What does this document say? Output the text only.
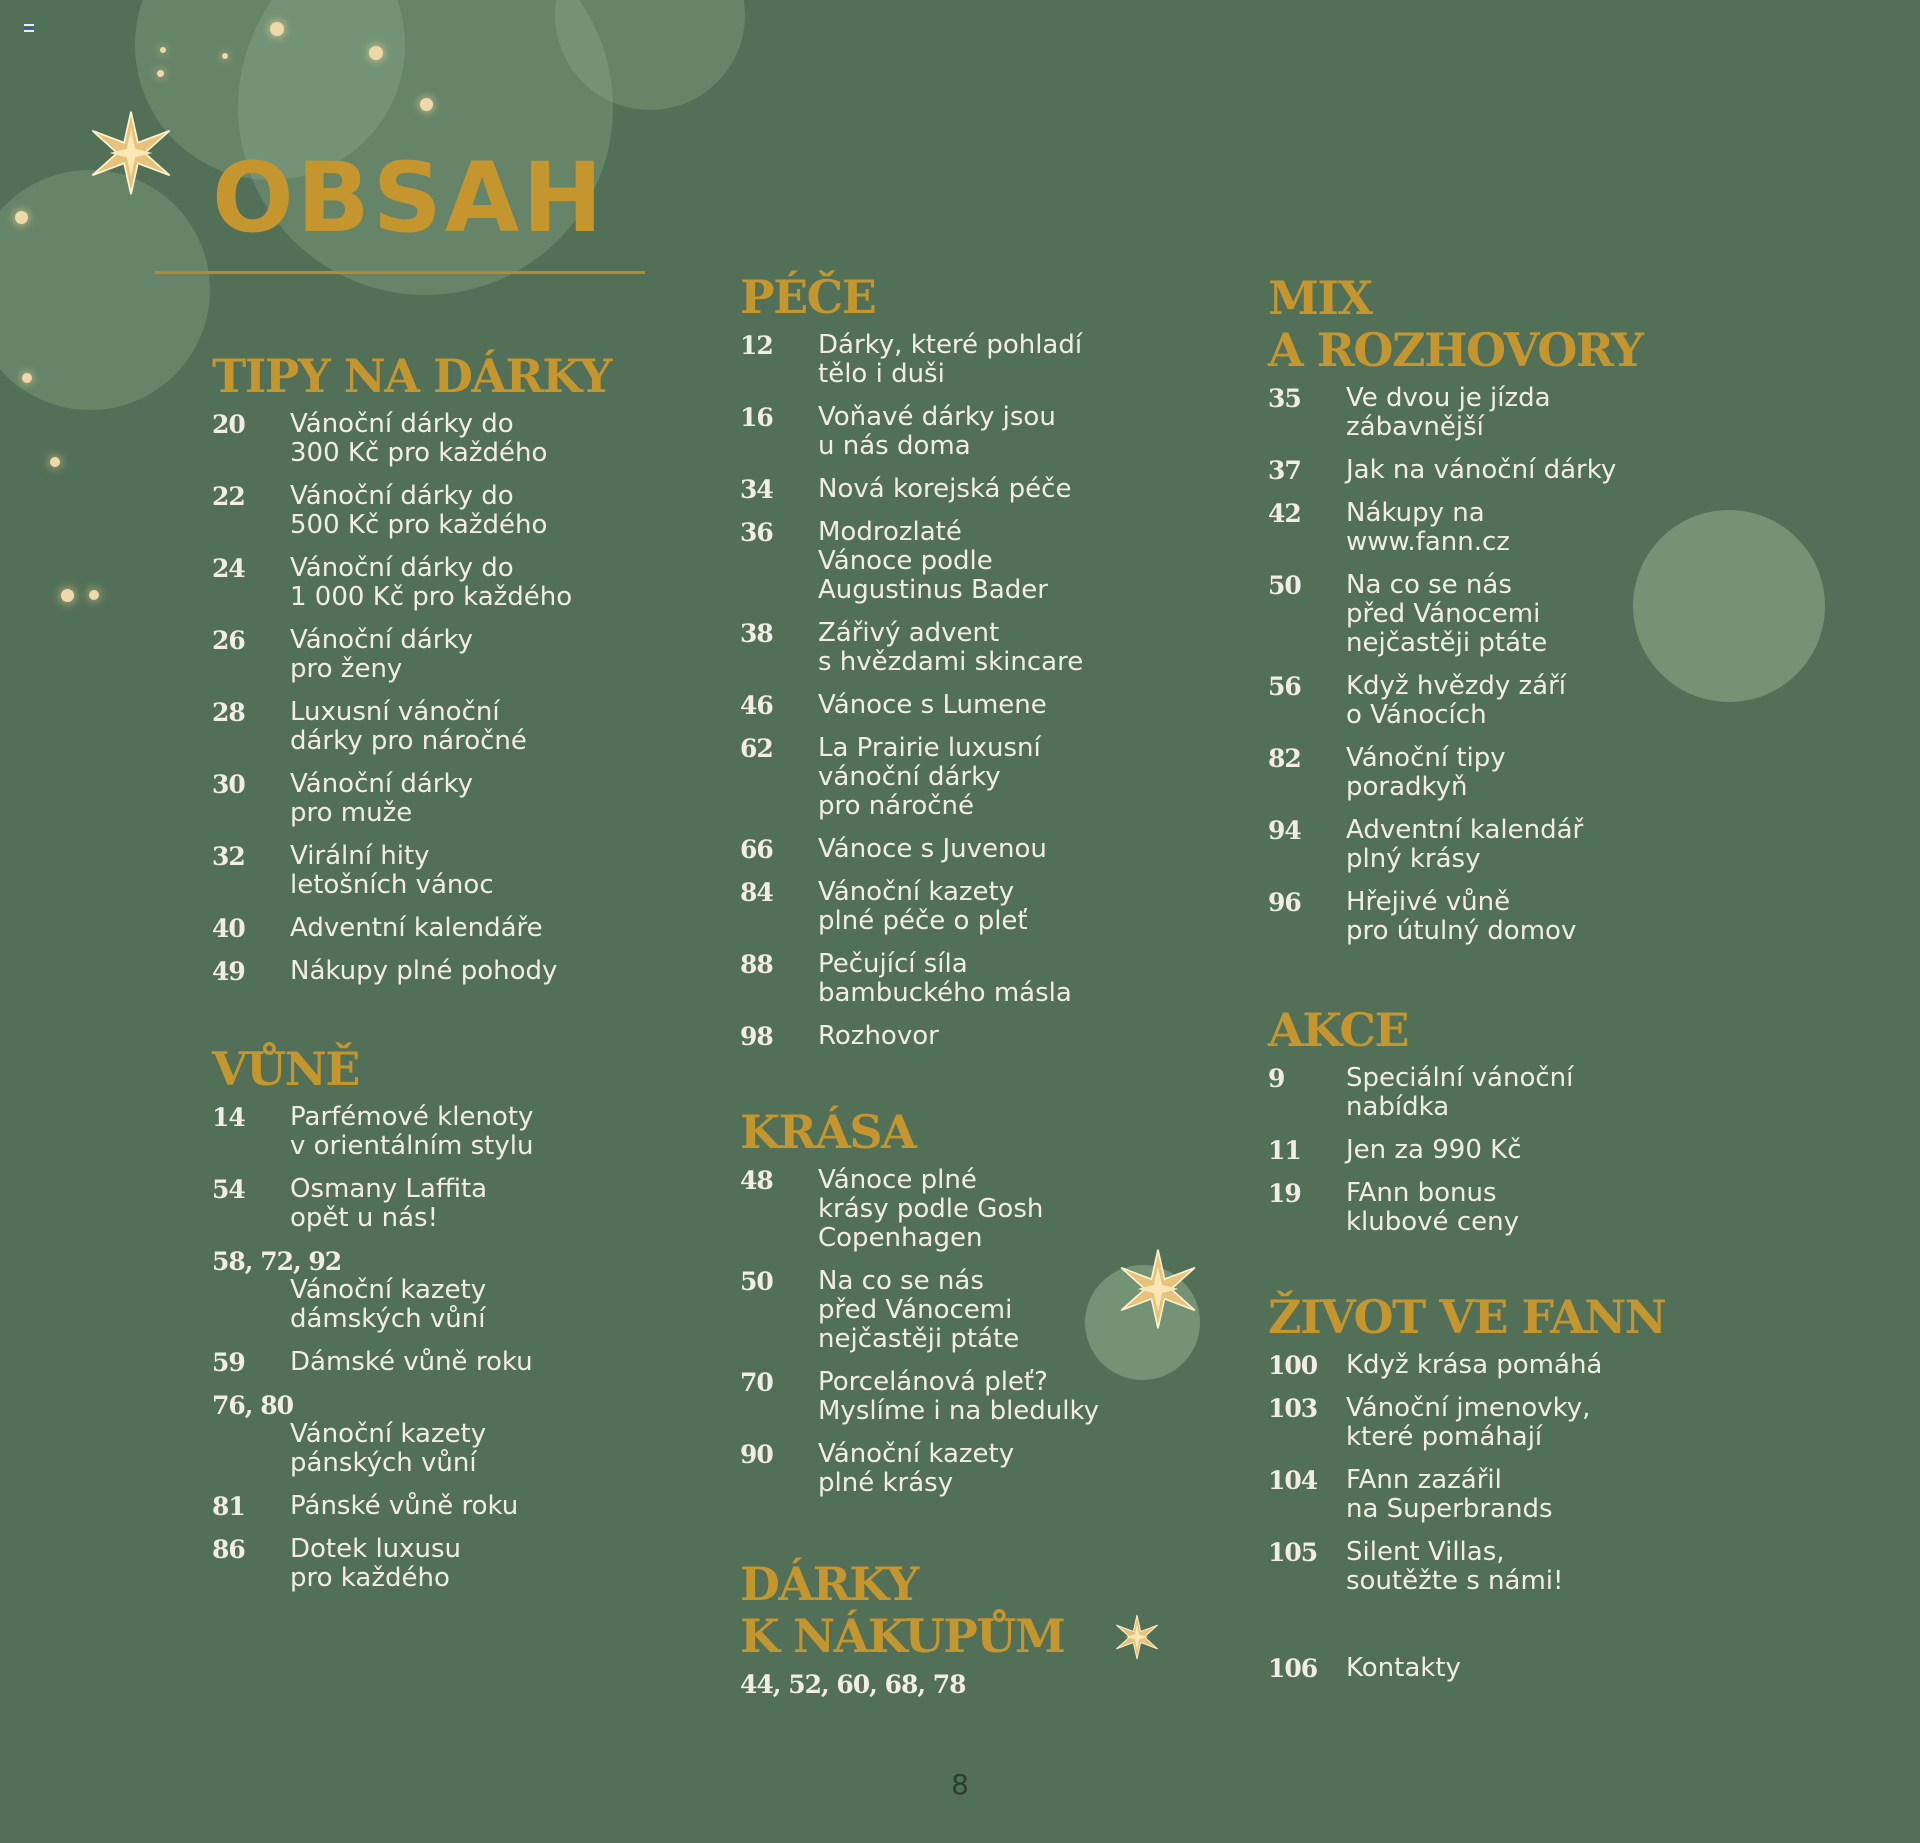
OBSAH
TIPY NA DÁRKY
20	Vánoční dárky do
300 Kč pro každého
22	Vánoční dárky do
500 Kč pro každého
24	Vánoční dárky do
1 000 Kč pro každého
26	Vánoční dárky
pro ženy
28	Luxusní vánoční
dárky pro náročné
30	Vánoční dárky
pro muže
32	Virální hity
letošních vánoc
40	Adventní kalendáře
49	Nákupy plné pohody
VŮNĚ
14	Parfémové klenoty
v orientálním stylu
54	Osmany Laffita
opět u nás!
58, 72, 92
Vánoční kazety
dámských vůní
59	Dámské vůně roku
76, 80
Vánoční kazety
pánských vůní
81	Pánské vůně roku
86	Dotek luxusu
pro každého
PÉČE
12	Dárky, které pohladí
tělo i duši
16	Voňavé dárky jsou
u nás doma
34	Nová korejská péče
36	Modrozlaté
Vánoce podle
Augustinus Bader
38	Zářivý advent
s hvězdami skincare
46	Vánoce s Lumene
62	La Prairie luxusní
vánoční dárky
pro náročné
66	Vánoce s Juvenou
84	Vánoční kazety
plné péče o pleť
88	Pečující síla
bambuckého másla
98	Rozhovor
KRÁSA
48	Vánoce plné
krásy podle Gosh
Copenhagen
50	Na co se nás
před Vánocemi
nejčastěji ptáte
70	Porcelánová pleť?
Myslíme i na bledulky
90	Vánoční kazety
plné krásy
DÁRKY
K NÁKUPŮM
44, 52, 60, 68, 78
MIX
A ROZHOVORY
35	Ve dvou je jízda
zábavnější
37	Jak na vánoční dárky
42	Nákupy na
www.fann.cz
50	Na co se nás
před Vánocemi
nejčastěji ptáte
56	Když hvězdy září
o Vánocích
82	Vánoční tipy
poradkyň
94	Adventní kalendář
plný krásy
96	Hřejivé vůně
pro útulný domov
AKCE
9	Speciální vánoční
nabídka
11	Jen za 990 Kč
19	FAnn bonus
klubové ceny
ŽIVOT VE FANN
100	Když krása pomáhá
103	Vánoční jmenovky,
které pomáhají
104	FAnn zazářil
na Superbrands
105	Silent Villas,
soutěžte s námi!
106	Kontakty
8
